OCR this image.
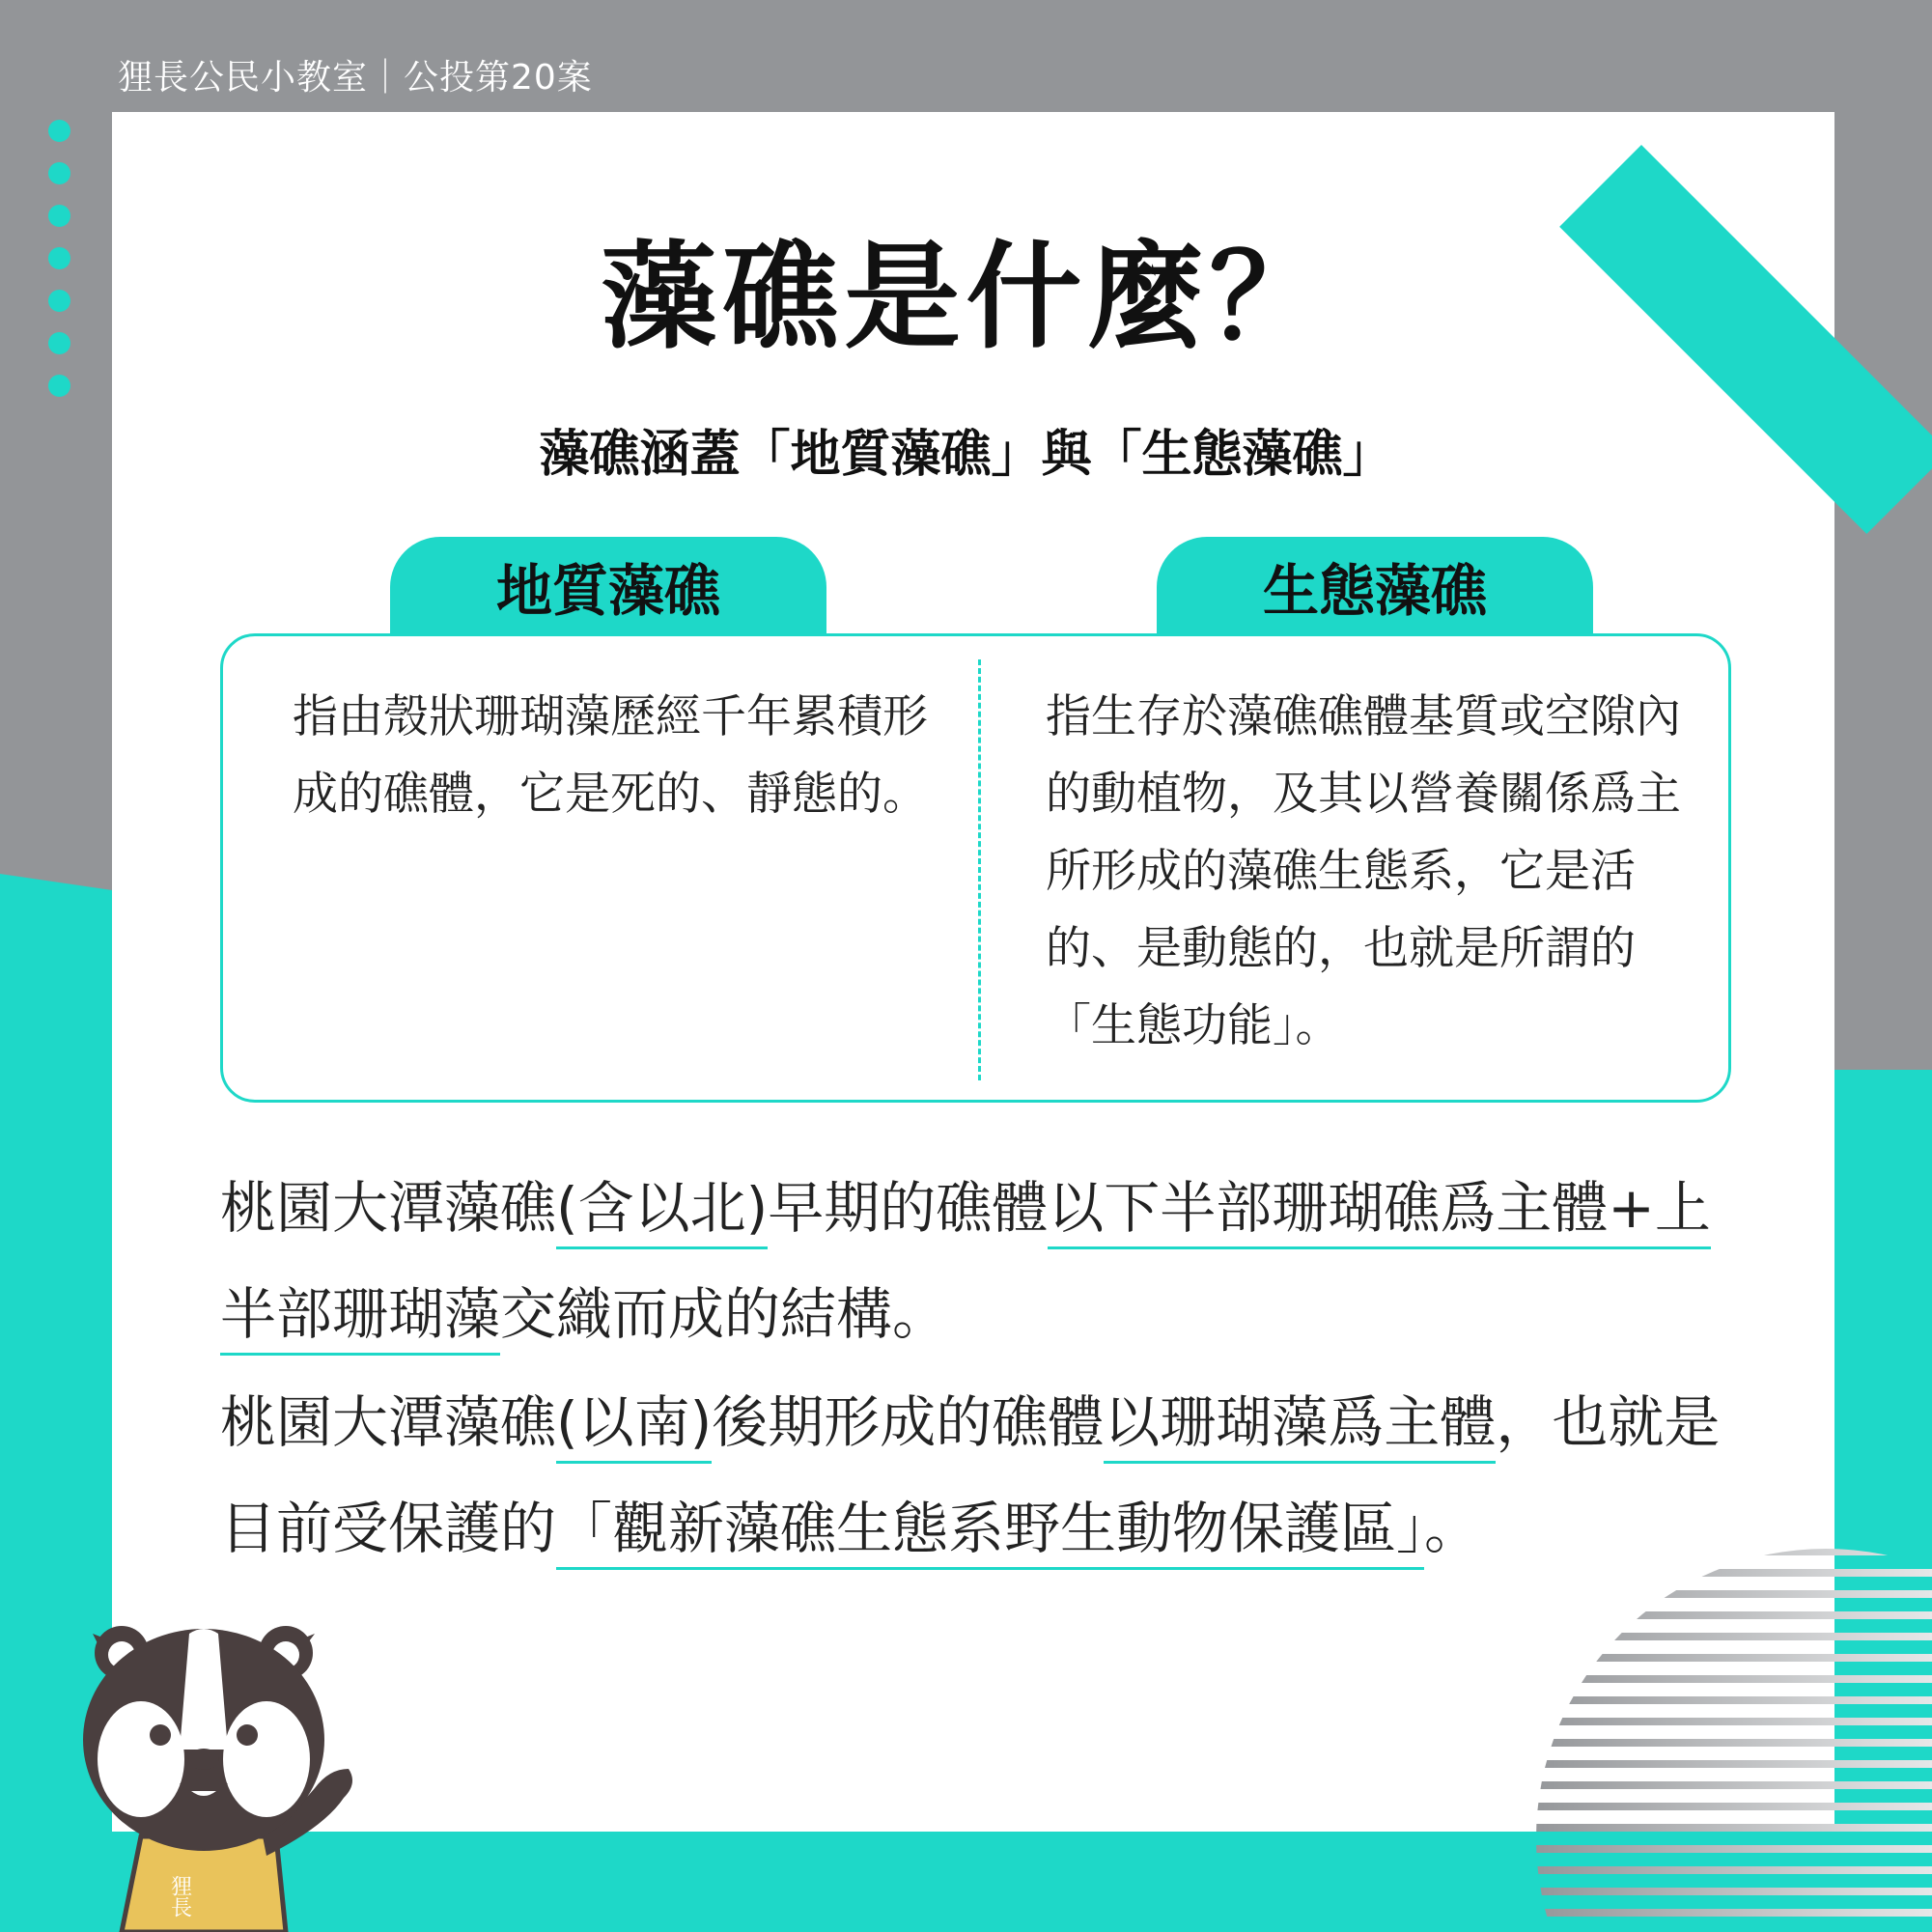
狸長公民小教室｜公投第20案
藻礁是什麼？
藻礁涵蓋「地質藻礁」與「生態藻礁」
地質藻礁	生態藻礁
指由殼狀珊瑚藻歷經千年累積形成的礁體，它是死的、靜態的。
指生存於藻礁礁體基質或空隙內的動植物，及其以營養關係爲主所形成的藻礁生態系，它是活的、是動態的，也就是所謂的「生態功能」。
桃園大潭藻礁(含以北)早期的礁體以下半部珊瑚礁爲主體+上半部珊瑚藻交織而成的結構。
桃園大潭藻礁(以南)後期形成的礁體以珊瑚藻爲主體，也就是目前受保護的「觀新藻礁生態系野生動物保護區」。
狸長
